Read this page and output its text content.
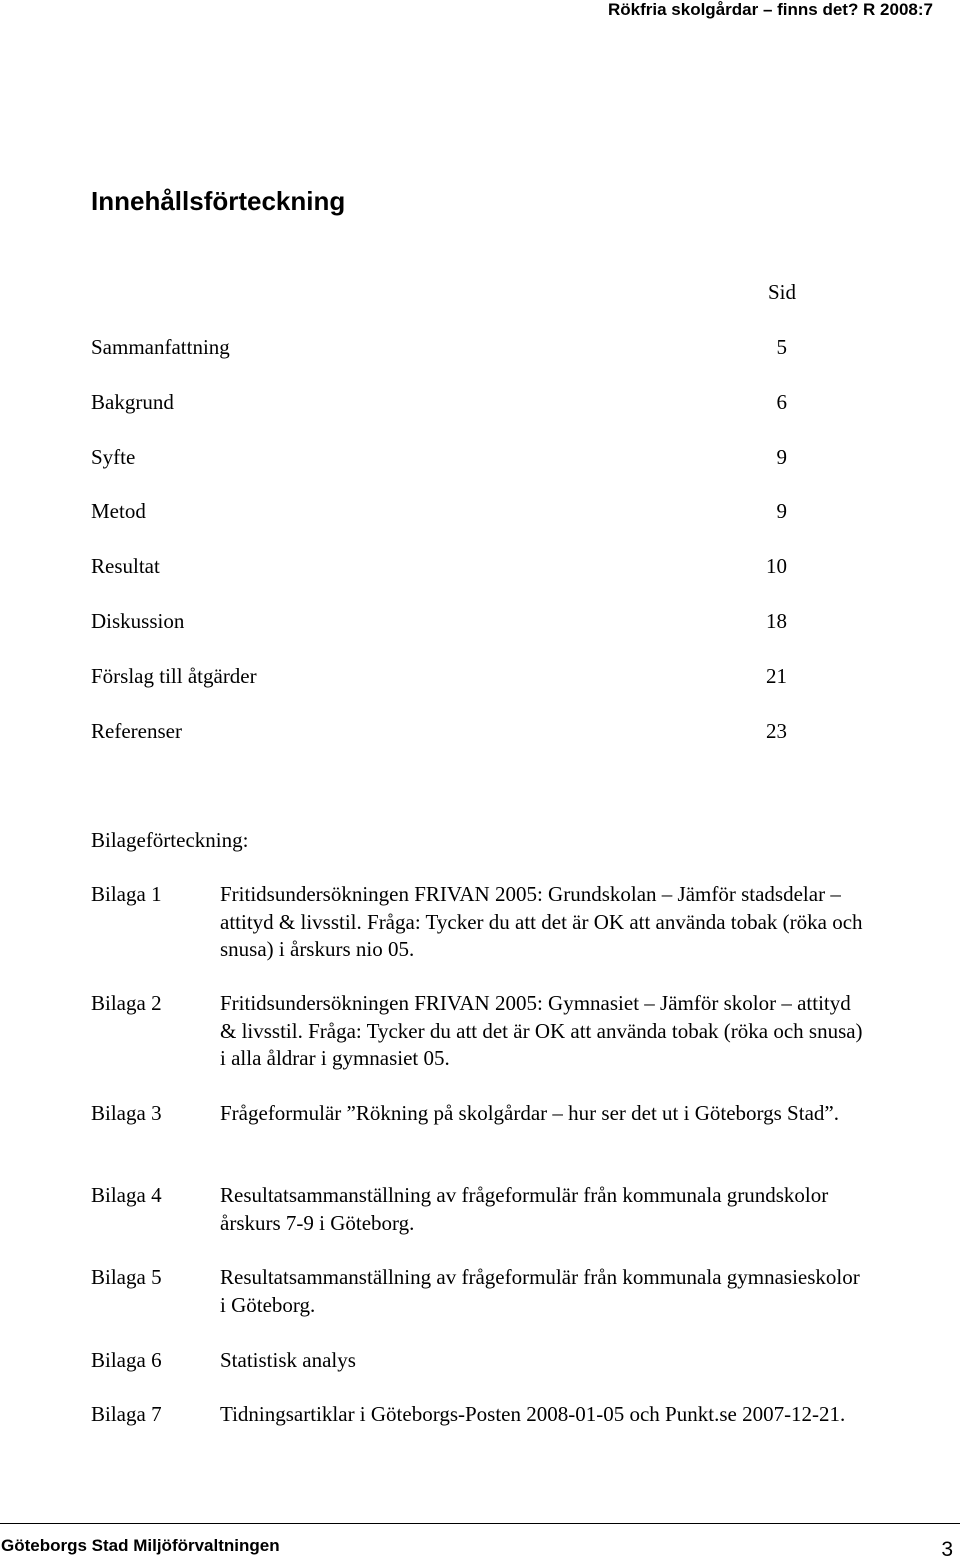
Rökfria skolgårdar – finns det? R 2008:7
Innehållsförteckning
Sid
Sammanfattning	5
Bakgrund	6
Syfte	9
Metod	9
Resultat	10
Diskussion	18
Förslag till åtgärder	21
Referenser	23
Bilageförteckning:
Bilaga 1	Fritidsundersökningen FRIVAN 2005: Grundskolan – Jämför stadsdelar – attityd & livsstil. Fråga: Tycker du att det är OK att använda tobak (röka och snusa) i årskurs nio 05.
Bilaga 2	Fritidsundersökningen FRIVAN 2005: Gymnasiet – Jämför skolor – attityd & livsstil. Fråga: Tycker du att det är OK att använda tobak (röka och snusa) i alla åldrar i gymnasiet 05.
Bilaga 3	Frågeformulär ”Rökning på skolgårdar – hur ser det ut i Göteborgs Stad”.
Bilaga 4	Resultatsammanställning av frågeformulär från kommunala grundskolor årskurs 7-9 i Göteborg.
Bilaga 5	Resultatsammanställning av frågeformulär från kommunala gymnasieskolor i Göteborg.
Bilaga 6	Statistisk analys
Bilaga 7	Tidningsartiklar i Göteborgs-Posten 2008-01-05 och Punkt.se 2007-12-21.
Göteborgs Stad Miljöförvaltningen	3
